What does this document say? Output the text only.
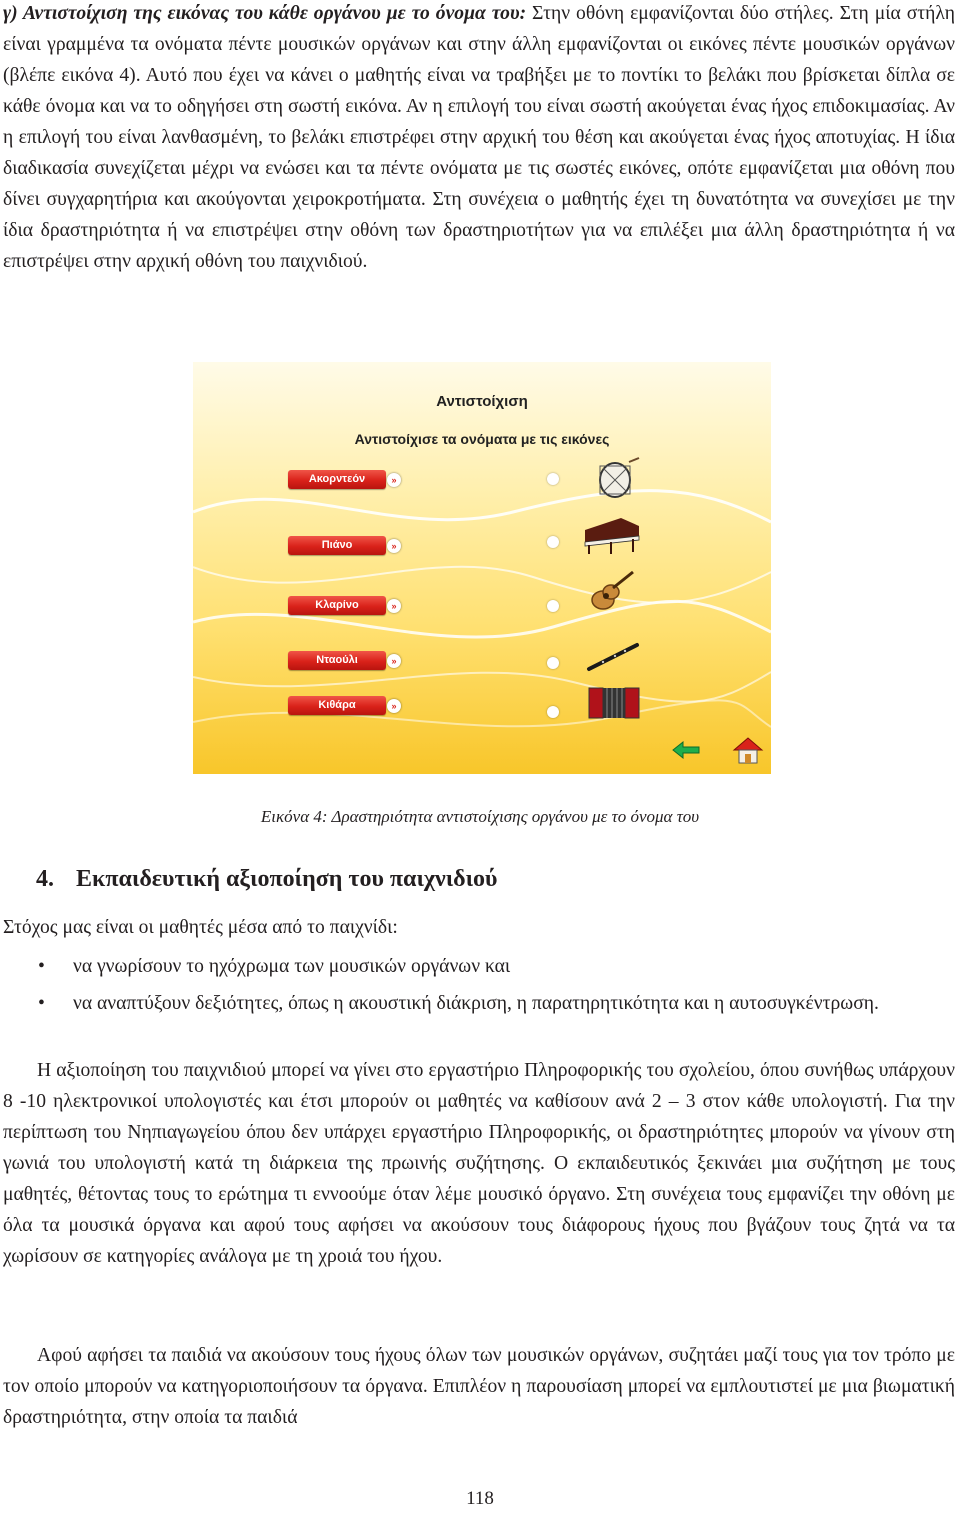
γ) Αντιστοίχιση της εικόνας του κάθε οργάνου με το όνομα του: Στην οθόνη εμφανίζονται δύο στήλες. Στη μία στήλη είναι γραμμένα τα ονόματα πέντε μουσικών οργάνων και στην άλλη εμφανίζονται οι εικόνες πέντε μουσικών οργάνων (βλέπε εικόνα 4). Αυτό που έχει να κάνει ο μαθητής είναι να τραβήξει με το ποντίκι το βελάκι που βρίσκεται δίπλα σε κάθε όνομα και να το οδηγήσει στη σωστή εικόνα. Αν η επιλογή του είναι σωστή ακούγεται ένας ήχος επιδοκιμασίας. Αν η επιλογή του είναι λανθασμένη, το βελάκι επιστρέφει στην αρχική του θέση και ακούγεται ένας ήχος αποτυχίας. Η ίδια διαδικασία συνεχίζεται μέχρι να ενώσει και τα πέντε ονόματα με τις σωστές εικόνες, οπότε εμφανίζεται μια οθόνη που δίνει συγχαρητήρια και ακούγονται χειροκροτήματα. Στη συνέχεια ο μαθητής έχει τη δυνατότητα να συνεχίσει με την ίδια δραστηριότητα ή να επιστρέψει στην οθόνη των δραστηριοτήτων για να επιλέξει μια άλλη δραστηριότητα ή να επιστρέψει στην αρχική οθόνη του παιχνιδιού.

Αντιστοίχιση
Αντιστοίχισε τα ονόματα με τις εικόνες
Ακορντεόν	»
Πιάνο	»
Κλαρίνο	»
Νταούλι	»
Κιθάρα	»
Εικόνα 4: Δραστηριότητα αντιστοίχισης οργάνου με το όνομα του
4. Εκπαιδευτική αξιοποίηση του παιχνιδιού

Στόχος μας είναι οι μαθητές μέσα από το παιχνίδι:

• να γνωρίσουν το ηχόχρωμα των μουσικών οργάνων και
• να αναπτύξουν δεξιότητες, όπως η ακουστική διάκριση, η παρατηρητικότητα και η αυτοσυγκέντρωση.

Η αξιοποίηση του παιχνιδιού μπορεί να γίνει στο εργαστήριο Πληροφορικής του σχολείου, όπου συνήθως υπάρχουν 8 -10 ηλεκτρονικοί υπολογιστές και έτσι μπορούν οι μαθητές να καθίσουν ανά 2 – 3 στον κάθε υπολογιστή. Για την περίπτωση του Νηπιαγωγείου όπου δεν υπάρχει εργαστήριο Πληροφορικής, οι δραστηριότητες μπορούν να γίνουν στη γωνιά του υπολογιστή κατά τη διάρκεια της πρωινής συζήτησης. Ο εκπαιδευτικός ξεκινάει μια συζήτηση με τους μαθητές, θέτοντας τους το ερώτημα τι εννοούμε όταν λέμε μουσικό όργανο. Στη συνέχεια τους εμφανίζει την οθόνη με όλα τα μουσικά όργανα και αφού τους αφήσει να ακούσουν τους διάφορους ήχους που βγάζουν τους ζητά να τα χωρίσουν σε κατηγορίες ανάλογα με τη χροιά του ήχου.

Αφού αφήσει τα παιδιά να ακούσουν τους ήχους όλων των μουσικών οργάνων, συζητάει μαζί τους για τον τρόπο με τον οποίο μπορούν να κατηγοριοποιήσουν τα όργανα. Επιπλέον η παρουσίαση μπορεί να εμπλουτιστεί με μια βιωματική δραστηριότητα, στην οποία τα παιδιά

118
